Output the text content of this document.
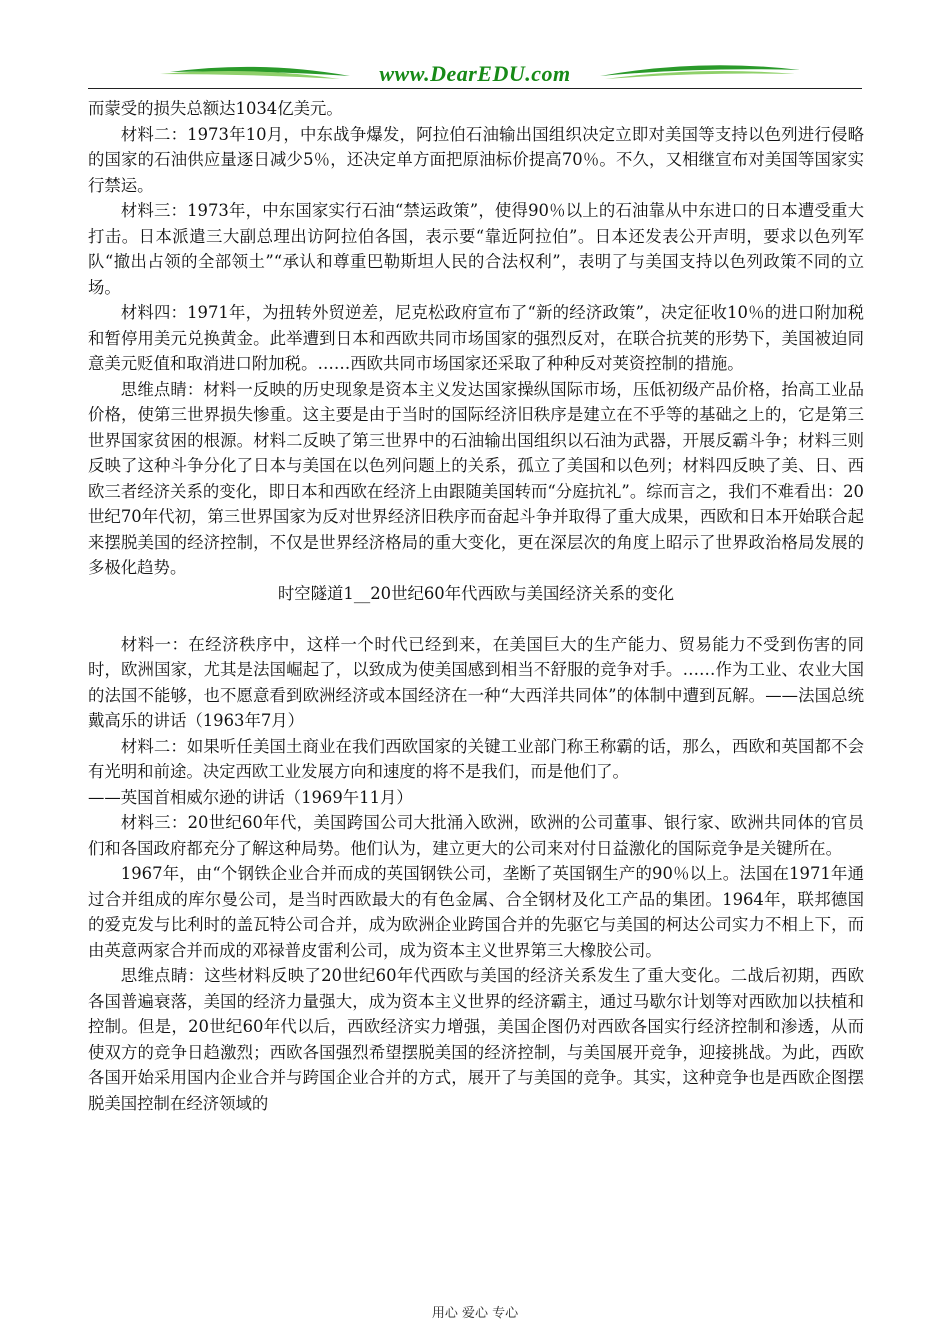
www.DearEDU.com

而蒙受的损失总额达1034亿美元。

材料二：1973年10月，中东战争爆发，阿拉伯石油输出国组织决定立即对美国等支持以色列进行侵略的国家的石油供应量逐日减少5％，还决定单方面把原油标价提高70％。不久，又相继宣布对美国等国家实行禁运。

材料三：1973年，中东国家实行石油“禁运政策”，使得90％以上的石油靠从中东进口的日本遭受重大打击。日本派遣三大副总理出访阿拉伯各国，表示要“靠近阿拉伯”。日本还发表公开声明，要求以色列军队“撤出占领的全部领土”“承认和尊重巴勒斯坦人民的合法权利”，表明了与美国支持以色列政策不同的立场。

材料四：1971年，为扭转外贸逆差，尼克松政府宣布了“新的经济政策”，决定征收10％的进口附加税和暂停用美元兑换黄金。此举遭到日本和西欧共同市场国家的强烈反对，在联合抗荚的形势下，美国被迫同意美元贬值和取消进口附加税。……西欧共同市场国家还采取了种种反对荚资控制的措施。

思维点睛：材料一反映的历史现象是资本主义发达国家操纵国际市场，压低初级产品价格，抬高工业品价格，使第三世界损失惨重。这主要是由于当时的国际经济旧秩序是建立在不乎等的基础之上的，它是第三世界国家贫困的根源。材料二反映了第三世界中的石油输出国组织以石油为武器，开展反霸斗争；材料三则反映了这种斗争分化了日本与美国在以色列问题上的关系，孤立了美国和以色列；材料四反映了美、日、西欧三者经济关系的变化，即日本和西欧在经济上由跟随美国转而“分庭抗礼”。综而言之，我们不难看出：20世纪70年代初，第三世界国家为反对世界经济旧秩序而奋起斗争并取得了重大成果，西欧和日本开始联合起来摆脱美国的经济控制，不仅是世界经济格局的重大变化，更在深层次的角度上昭示了世界政治格局发展的多极化趋势。

时空隧道1__20世纪60年代西欧与美国经济关系的变化

材料一：在经济秩序中，这样一个时代已经到来，在美国巨大的生产能力、贸易能力不受到伤害的同时，欧洲国家，尤其是法国崛起了，以致成为使美国感到相当不舒服的竞争对手。……作为工业、农业大国的法国不能够，也不愿意看到欧洲经济或本国经济在一种“大西洋共同体”的体制中遭到瓦解。——法国总统戴高乐的讲话（1963年7月）

材料二：如果听任美国土商业在我们西欧国家的关键工业部门称王称霸的话，那么，西欧和英国都不会有光明和前途。决定西欧工业发展方向和速度的将不是我们，而是他们了。

——英国首相威尔逊的讲话（1969午11月）

材料三：20世纪60年代，美国跨国公司大批涌入欧洲，欧洲的公司董事、银行家、欧洲共同体的官员们和各国政府都充分了解这种局势。他们认为，建立更大的公司来对付日益激化的国际竞争是关键所在。

1967年，由“个钢铁企业合并而成的英国钢铁公司，垄断了英国钢生产的90％以上。法国在1971年通过合并组成的库尔曼公司，是当时西欧最大的有色金属、合全钢材及化工产品的集团。1964年，联邦德国的爱克发与比利时的盖瓦特公司合并，成为欧洲企业跨国合并的先驱它与美国的柯达公司实力不相上下，而由英意两家合并而成的邓禄普皮雷利公司，成为资本主义世界第三大橡胶公司。

思维点睛：这些材料反映了20世纪60年代西欧与美国的经济关系发生了重大变化。二战后初期，西欧各国普遍衰落，美国的经济力量强大，成为资本主义世界的经济霸主，通过马歇尔计划等对西欧加以扶植和控制。但是，20世纪60年代以后，西欧经济实力增强，美国企图仍对西欧各国实行经济控制和渗透，从而使双方的竞争日趋激烈；西欧各国强烈希望摆脱美国的经济控制，与美国展开竞争，迎接挑战。为此，西欧各国开始采用国内企业合并与跨国企业合并的方式，展开了与美国的竞争。其实，这种竞争也是西欧企图摆脱美国控制在经济领域的

用心 爱心 专心
